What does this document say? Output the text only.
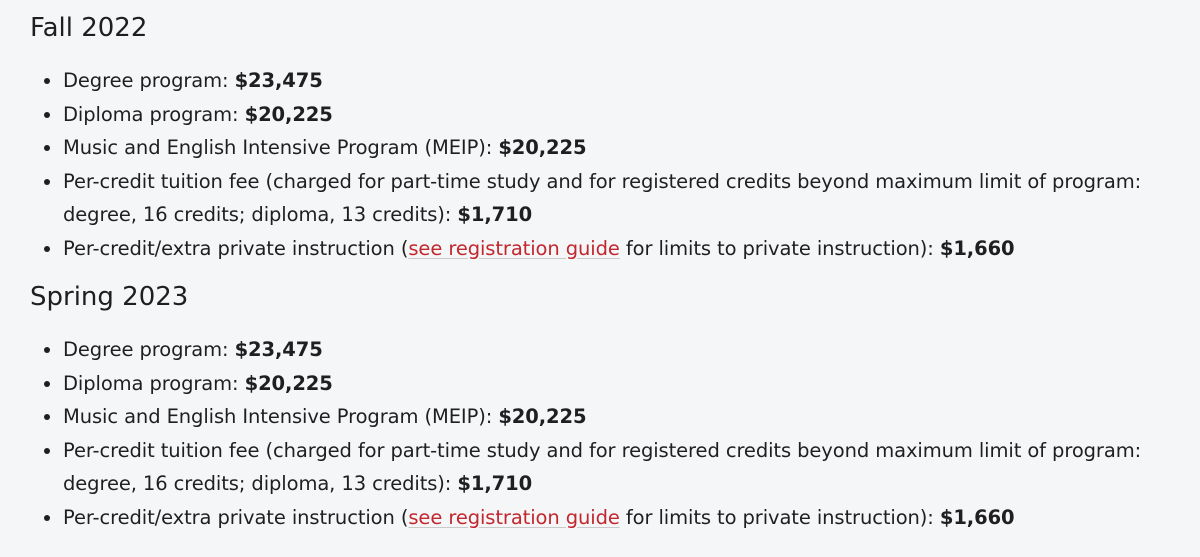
Fall 2022
• Degree program: $23,475
• Diploma program: $20,225
• Music and English Intensive Program (MEIP): $20,225
• Per-credit tuition fee (charged for part-time study and for registered credits beyond maximum limit of program: degree, 16 credits; diploma, 13 credits): $1,710
• Per-credit/extra private instruction (see registration guide for limits to private instruction): $1,660
Spring 2023
• Degree program: $23,475
• Diploma program: $20,225
• Music and English Intensive Program (MEIP): $20,225
• Per-credit tuition fee (charged for part-time study and for registered credits beyond maximum limit of program: degree, 16 credits; diploma, 13 credits): $1,710
• Per-credit/extra private instruction (see registration guide for limits to private instruction): $1,660
